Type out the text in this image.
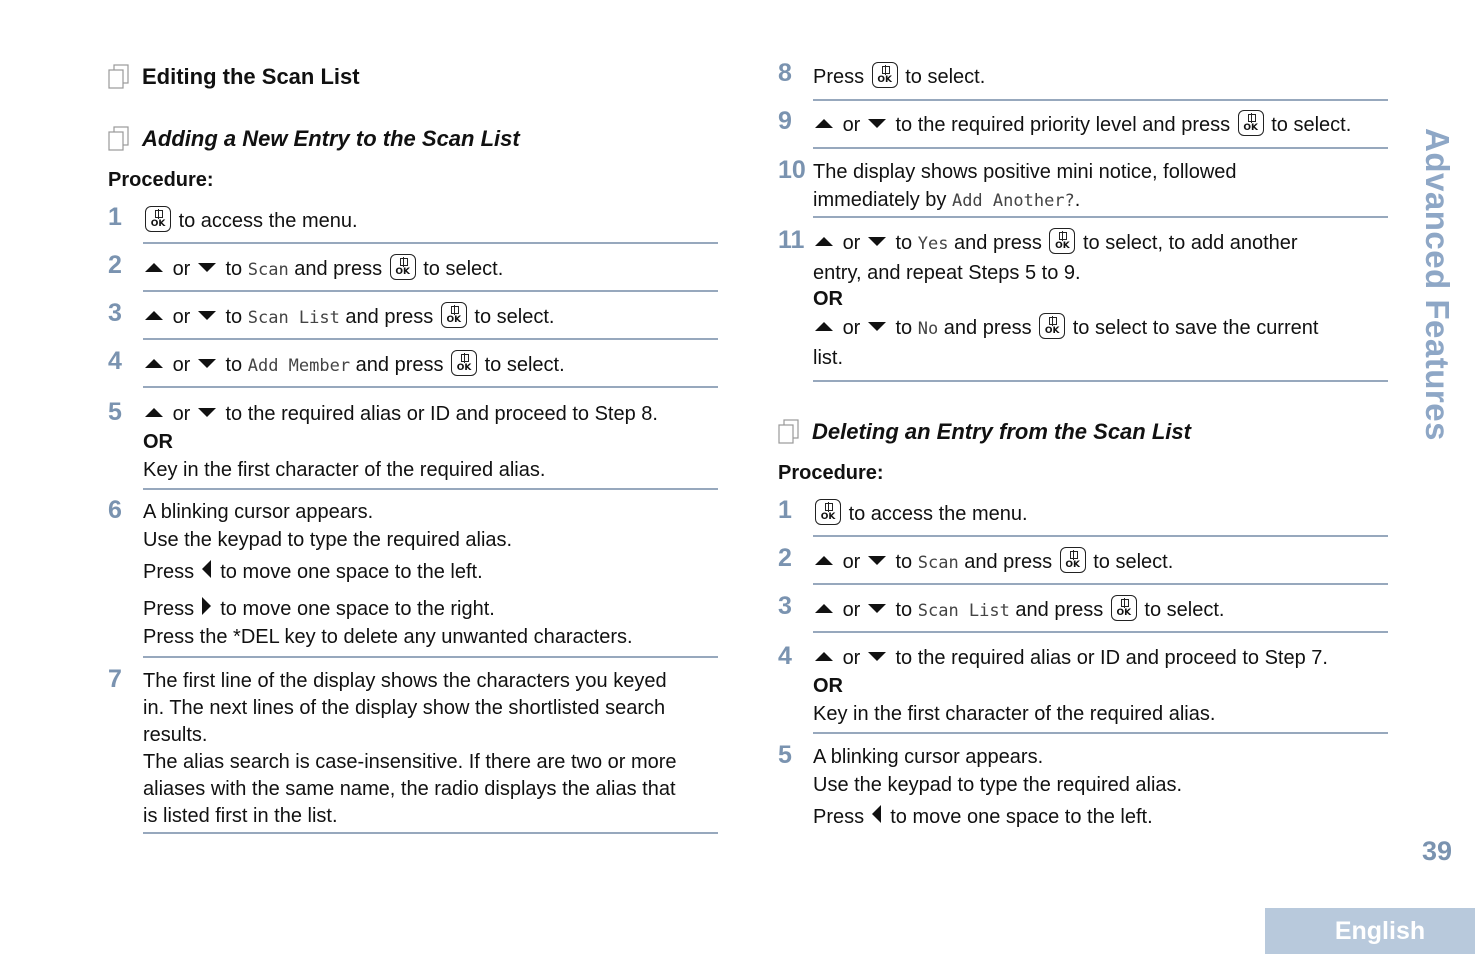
Editing the Scan List
Adding a New Entry to the Scan List
Procedure:
1	OK to access the menu.
2	or to Scan and press	OK to select.
3	or to Scan List and press	OK to select.
4	or to Add Member and press	OK to select.
5	or to the required alias or ID and proceed to Step 8.
OR
Key in the first character of the required alias.
6 A blinking cursor appears.
Use the keypad to type the required alias.
Press to move one space to the left.
Press to move one space to the right.
Press the *DEL key to delete any unwanted characters.
7 The first line of the display shows the characters you keyed
in. The next lines of the display show the shortlisted search
results.
The alias search is case-insensitive. If there are two or more
aliases with the same name, the radio displays the alias that
is listed first in the list.
8 Press	OK to select.
9	or to the required priority level and press	OK to select.
10 The display shows positive mini notice, followed
immediately by Add Another?.
11	or to Yes and press	OK to select, to add another
entry, and repeat Steps 5 to 9.
OR
or to No and press	OK to select to save the current
list.
Deleting an Entry from the Scan List
Procedure:
1	OK to access the menu.
2	or to Scan and press	OK to select.
3	or to Scan List and press	OK to select.
4	or to the required alias or ID and proceed to Step 7.
OR
Key in the first character of the required alias.
5 A blinking cursor appears.
Use the keypad to type the required alias.
Press to move one space to the left.
Advanced Features
39
English
